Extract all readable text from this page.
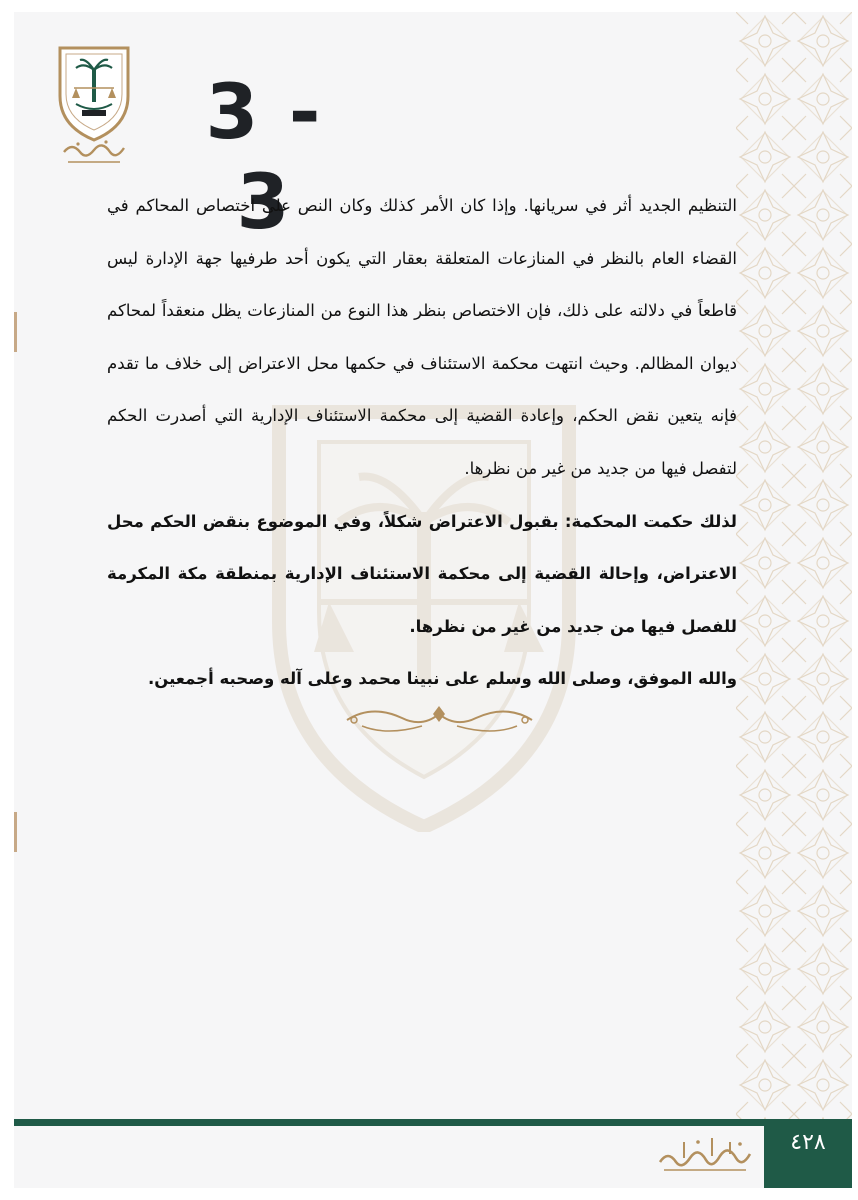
3 - 3

التنظيم الجديد أثر في سريانها. وإذا كان الأمر كذلك وكان النص على اختصاص المحاكم في القضاء العام بالنظر في المنازعات المتعلقة بعقار التي يكون أحد طرفيها جهة الإدارة ليس قاطعاً في دلالته على ذلك، فإن الاختصاص بنظر هذا النوع من المنازعات يظل منعقداً لمحاكم ديوان المظالم. وحيث انتهت محكمة الاستئناف في حكمها محل الاعتراض إلى خلاف ما تقدم فإنه يتعين نقض الحكم، وإعادة القضية إلى محكمة الاستئناف الإدارية التي أصدرت الحكم لتفصل فيها من جديد من غير من نظرها.

لذلك حكمت المحكمة: بقبول الاعتراض شكلاً، وفي الموضوع بنقض الحكم محل الاعتراض، وإحالة القضية إلى محكمة الاستئناف الإدارية بمنطقة مكة المكرمة للفصل فيها من جديد من غير من نظرها.

والله الموفق، وصلى الله وسلم على نبينا محمد وعلى آله وصحبه أجمعين.

٤٢٨
